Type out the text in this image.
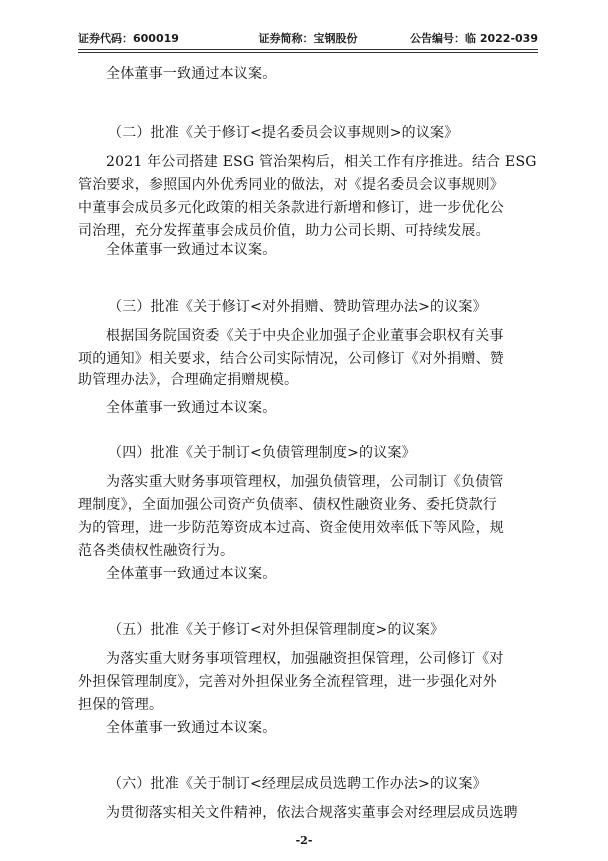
证券代码：600019	证券简称：宝钢股份	公告编号：临 2022-039
全体董事一致通过本议案。
（二）批准《关于修订<提名委员会议事规则>的议案》
2021 年公司搭建 ESG 管治架构后，相关工作有序推进。结合 ESG
管治要求，参照国内外优秀同业的做法，对《提名委员会议事规则》
中董事会成员多元化政策的相关条款进行新增和修订，进一步优化公
司治理，充分发挥董事会成员价值，助力公司长期、可持续发展。
全体董事一致通过本议案。
（三）批准《关于修订<对外捐赠、赞助管理办法>的议案》
根据国务院国资委《关于中央企业加强子企业董事会职权有关事
项的通知》相关要求，结合公司实际情况，公司修订《对外捐赠、赞
助管理办法》，合理确定捐赠规模。
全体董事一致通过本议案。
（四）批准《关于制订<负债管理制度>的议案》
为落实重大财务事项管理权，加强负债管理，公司制订《负债管
理制度》，全面加强公司资产负债率、债权性融资业务、委托贷款行
为的管理，进一步防范筹资成本过高、资金使用效率低下等风险，规
范各类债权性融资行为。
全体董事一致通过本议案。
（五）批准《关于修订<对外担保管理制度>的议案》
为落实重大财务事项管理权，加强融资担保管理，公司修订《对
外担保管理制度》，完善对外担保业务全流程管理，进一步强化对外
担保的管理。
全体董事一致通过本议案。
（六）批准《关于制订<经理层成员选聘工作办法>的议案》
为贯彻落实相关文件精神，依法合规落实董事会对经理层成员选聘
-2-
